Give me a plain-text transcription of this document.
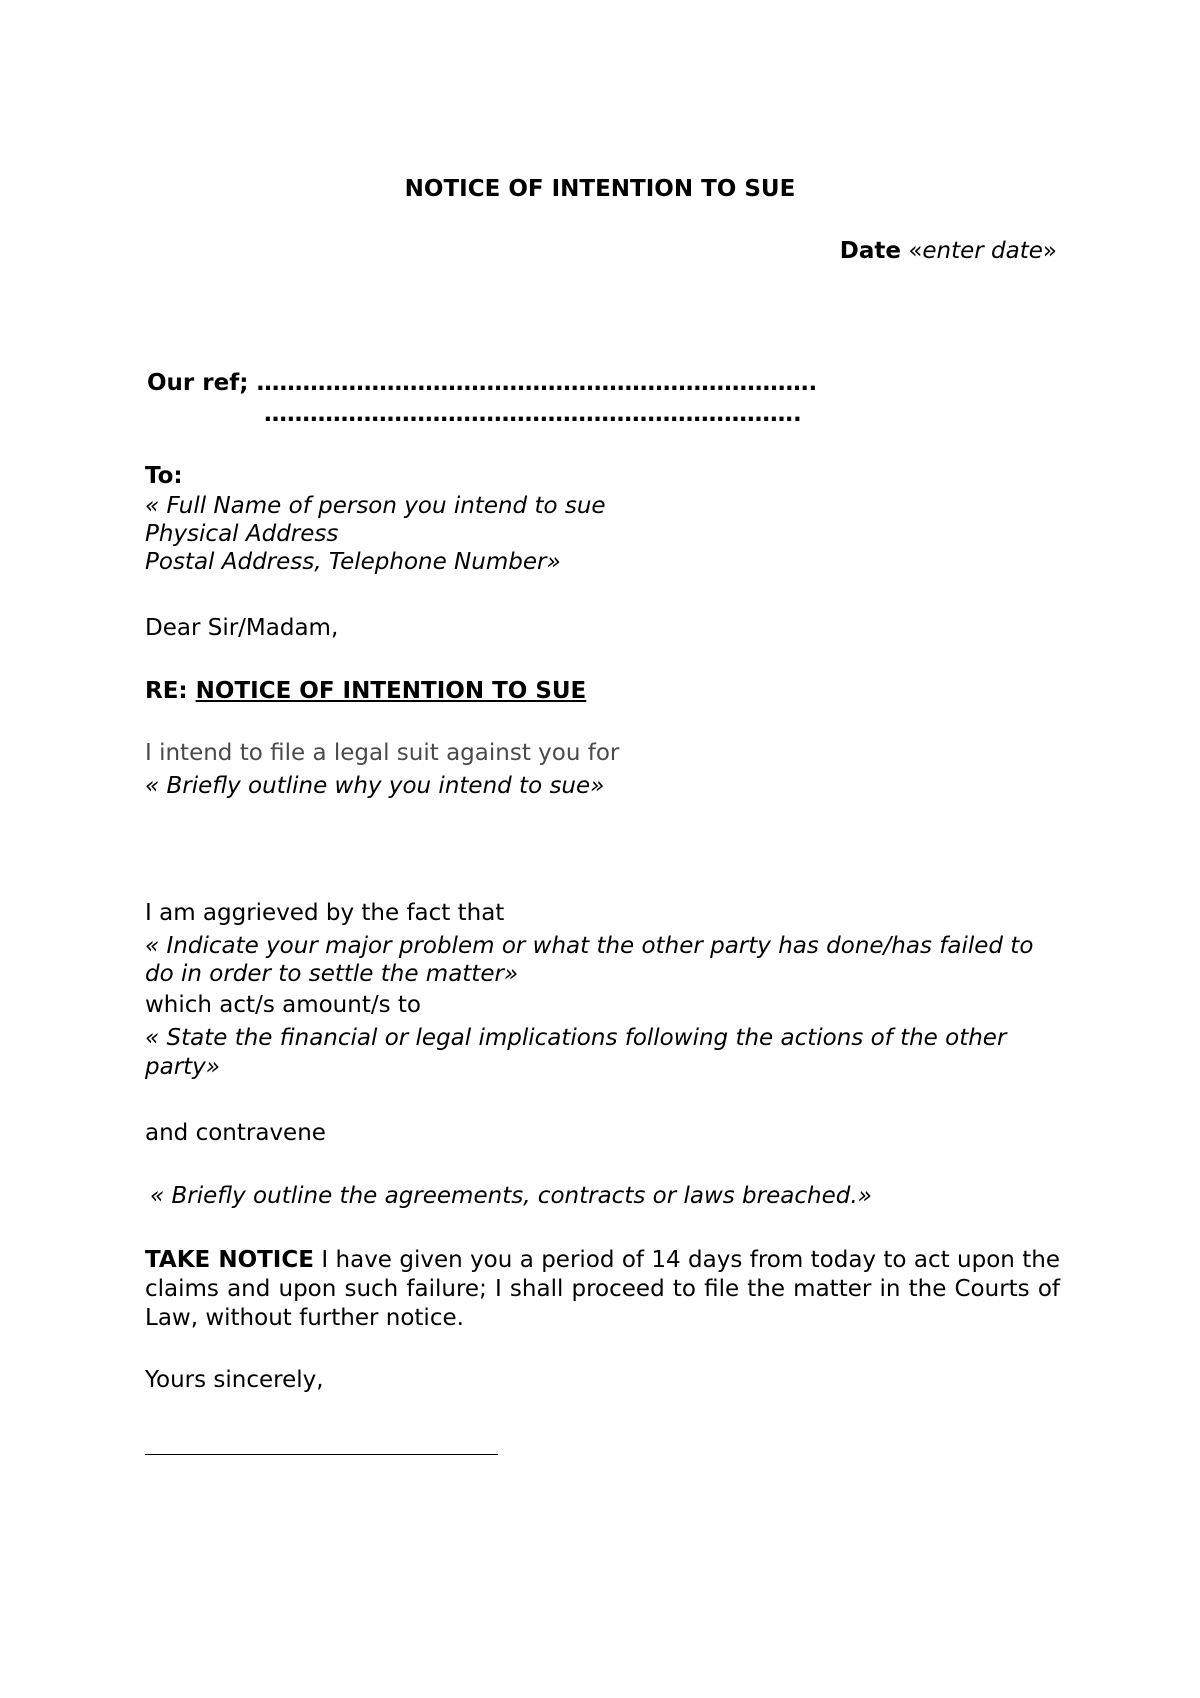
NOTICE OF INTENTION TO SUE
Date «enter date»
Our ref; ……………………………………………………………….
…………………………………………………………….
To:
« Full Name of person you intend to sue
Physical Address
Postal Address, Telephone Number»
Dear Sir/Madam,
RE: NOTICE OF INTENTION TO SUE
I intend to file a legal suit against you for
« Briefly outline why you intend to sue»
I am aggrieved by the fact that
« Indicate your major problem or what the other party has done/has failed to do in order to settle the matter»
which act/s amount/s to
« State the financial or legal implications following the actions of the other party»
and contravene
« Briefly outline the agreements, contracts or laws breached.»
TAKE NOTICE I have given you a period of 14 days from today to act upon the claims and upon such failure; I shall proceed to file the matter in the Courts of Law, without further notice.
Yours sincerely,
